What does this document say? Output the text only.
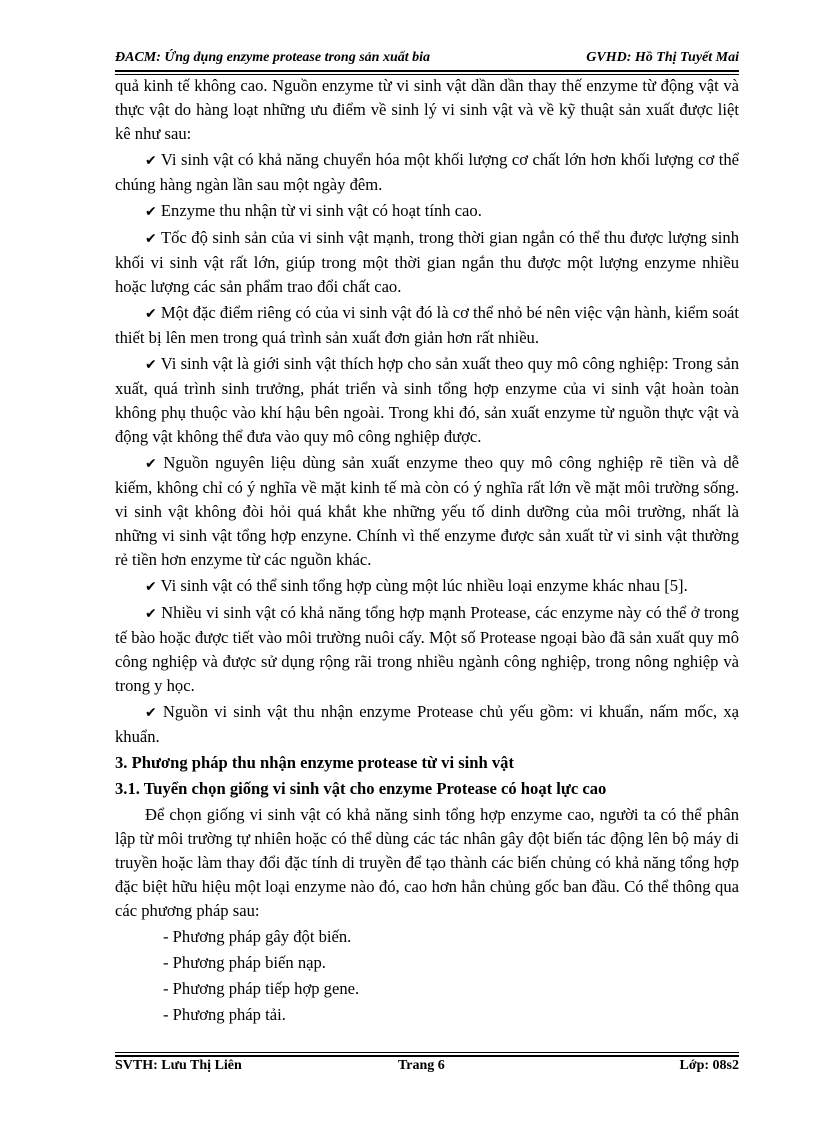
ĐACM: Ứng dụng enzyme protease trong sản xuất bia	GVHD: Hồ Thị Tuyết Mai

quả kinh tế không cao. Nguồn enzyme từ vi sinh vật dần dần thay thế enzyme từ động vật và thực vật do hàng loạt những ưu điểm về sinh lý vi sinh vật và về kỹ thuật sản xuất được liệt kê như sau:

✔ Vi sinh vật có khả năng chuyển hóa một khối lượng cơ chất lớn hơn khối lượng cơ thể chúng hàng ngàn lần sau một ngày đêm.

✔ Enzyme thu nhận từ vi sinh vật có hoạt tính cao.

✔ Tốc độ sinh sản của vi sinh vật mạnh, trong thời gian ngắn có thể thu được lượng sinh khối vi sinh vật rất lớn, giúp trong một thời gian ngắn thu được một lượng enzyme nhiều hoặc lượng các sản phẩm trao đổi chất cao.

✔ Một đặc điểm riêng có của vi sinh vật đó là cơ thể nhỏ bé nên việc vận hành, kiểm soát thiết bị lên men trong quá trình sản xuất đơn giản hơn rất nhiều.

✔ Vi sinh vật là giới sinh vật thích hợp cho sản xuất theo quy mô công nghiệp: Trong sản xuất, quá trình sinh trưởng, phát triển và sinh tổng hợp enzyme của vi sinh vật hoàn toàn không phụ thuộc vào khí hậu bên ngoài. Trong khi đó, sản xuất enzyme từ nguồn thực vật và động vật không thể đưa vào quy mô công nghiệp được.

✔ Nguồn nguyên liệu dùng sản xuất enzyme theo quy mô công nghiệp rẽ tiền và dễ kiếm, không chỉ có ý nghĩa về mặt kinh tế mà còn có ý nghĩa rất lớn về mặt môi trường sống. vi sinh vật không đòi hỏi quá khắt khe những yếu tố dinh dưỡng của môi trường, nhất là những vi sinh vật tổng hợp enzyne. Chính vì thế enzyme được sản xuất từ vi sinh vật thường rẻ tiền hơn enzyme từ các nguồn khác.

✔ Vi sinh vật có thể sinh tổng hợp cùng một lúc nhiều loại enzyme khác nhau [5].

✔ Nhiều vi sinh vật có khả năng tổng hợp mạnh Protease, các enzyme này có thể ở trong tế bào hoặc được tiết vào môi trường nuôi cấy. Một số Protease ngoại bào đã sản xuất quy mô công nghiệp và được sử dụng rộng rãi trong nhiều ngành công nghiệp, trong nông nghiệp và trong y học.

✔ Nguồn vi sinh vật thu nhận enzyme Protease chủ yếu gồm: vi khuẩn, nấm mốc, xạ khuẩn.

3. Phương pháp thu nhận enzyme protease từ vi sinh vật

3.1. Tuyển chọn giống vi sinh vật cho enzyme Protease có hoạt lực cao

Để chọn giống vi sinh vật có khả năng sinh tổng hợp enzyme cao, người ta có thể phân lập từ môi trường tự nhiên hoặc có thể dùng các tác nhân gây đột biến tác động lên bộ máy di truyền hoặc làm thay đổi đặc tính di truyền để tạo thành các biến chủng có khả năng tổng hợp đặc biệt hữu hiệu một loại enzyme nào đó, cao hơn hẳn chủng gốc ban đầu. Có thể thông qua các phương pháp sau:

- Phương pháp gây đột biến.

- Phương pháp biến nạp.

- Phương pháp tiếp hợp gene.

- Phương pháp tải.

SVTH: Lưu Thị Liên	Trang 6	Lớp: 08s2
